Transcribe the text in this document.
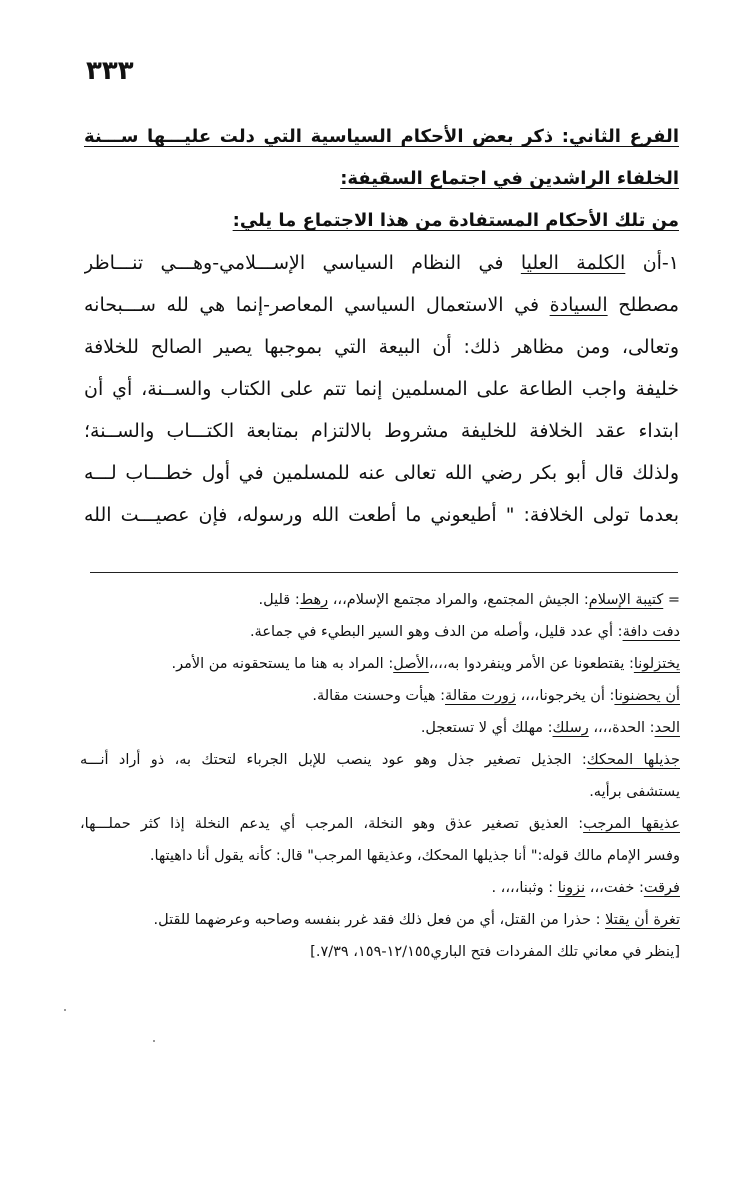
٣٣٣
الفرع الثاني: ذكر بعض الأحكام السياسية التي دلت عليـــها ســـنة
الخلفاء الراشدين في اجتماع السقيفة:
من تلك الأحكام المستفادة من هذا الاجتماع ما يلي:
١-أن الكلمة العليا في النظام السياسي الإســـلامي-وهـــي تنـــاظر
مصطلح السيادة في الاستعمال السياسي المعاصر-إنما هي لله ســـبحانه
وتعالى، ومن مظاهر ذلك: أن البيعة التي بموجبها يصير الصالح للخلافة
خليفة واجب الطاعة على المسلمين إنما تتم على الكتاب والســنة، أي أن
ابتداء عقد الخلافة للخليفة مشروط بالالتزام بمتابعة الكتـــاب والســنة؛
ولذلك قال أبو بكر رضي الله تعالى عنه للمسلمين في أول خطـــاب لـــه
بعدما تولى الخلافة: " أطيعوني ما أطعت الله ورسوله، فإن عصيـــت الله
= كتيبة الإسلام: الجيش المجتمع، والمراد مجتمع الإسلام،،، رهط: قليل.
دفت دافة: أي عدد قليل، وأصله من الدف وهو السير البطيء في جماعة.
يختزلونا: يقتطعونا عن الأمر وينفردوا به،،،،الأصل: المراد به هنا ما يستحقونه من الأمر.
أن يحضنونا: أن يخرجونا،،،، زورت مقالة: هيأت وحسنت مقالة.
الحد: الحدة،،،، رسلك: مهلك أي لا تستعجل.
جذيلها المحكك: الجذيل تصغير جذل وهو عود ينصب للإبل الجرباء لتحتك به، ذو أراد أنـــه
يستشفى برأيه.
عذيقها المرجب: العذيق تصغير عذق وهو النخلة، المرجب أي يدعم النخلة إذا كثر حملـــها،
وفسر الإمام مالك قوله:" أنا جذيلها المحكك، وعذيقها المرجب" قال: كأنه يقول أنا داهيتها.
فرقت: خفت،،، نزونا : وثبنا،،،، .
تغرة أن يقتلا : حذرا من القتل، أي من فعل ذلك فقد غرر بنفسه وصاحبه وعرضهما للقتل.
[ينظر في معاني تلك المفردات فتح الباري١٢/١٥٥-١٥٩، ٧/٣٩.]
